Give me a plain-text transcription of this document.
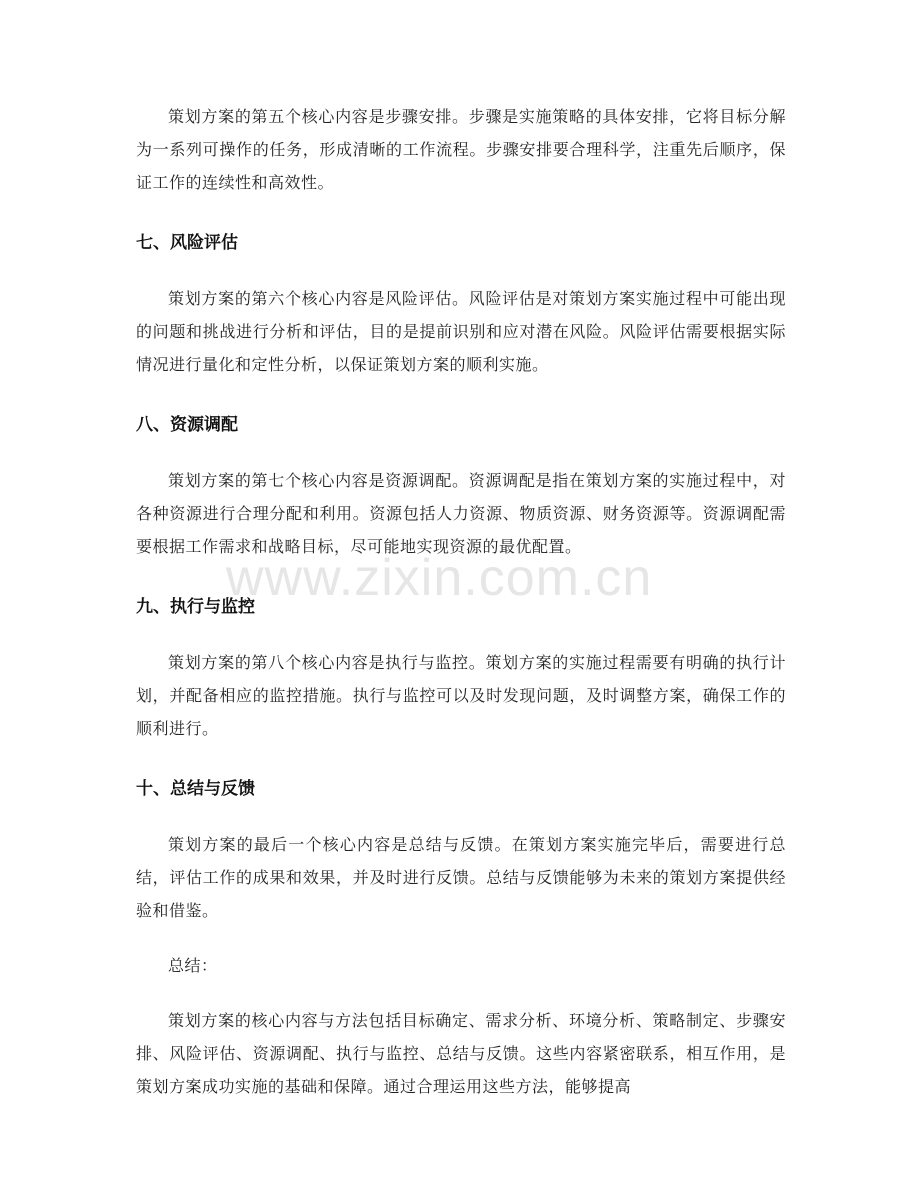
www.zixin.com.cn

策划方案的第五个核心内容是步骤安排。步骤是实施策略的具体安排，它将目标分解为一系列可操作的任务，形成清晰的工作流程。步骤安排要合理科学，注重先后顺序，保证工作的连续性和高效性。

七、风险评估

策划方案的第六个核心内容是风险评估。风险评估是对策划方案实施过程中可能出现的问题和挑战进行分析和评估，目的是提前识别和应对潜在风险。风险评估需要根据实际情况进行量化和定性分析，以保证策划方案的顺利实施。

八、资源调配

策划方案的第七个核心内容是资源调配。资源调配是指在策划方案的实施过程中，对各种资源进行合理分配和利用。资源包括人力资源、物质资源、财务资源等。资源调配需要根据工作需求和战略目标，尽可能地实现资源的最优配置。

九、执行与监控

策划方案的第八个核心内容是执行与监控。策划方案的实施过程需要有明确的执行计划，并配备相应的监控措施。执行与监控可以及时发现问题，及时调整方案，确保工作的顺利进行。

十、总结与反馈

策划方案的最后一个核心内容是总结与反馈。在策划方案实施完毕后，需要进行总结，评估工作的成果和效果，并及时进行反馈。总结与反馈能够为未来的策划方案提供经验和借鉴。

总结：

策划方案的核心内容与方法包括目标确定、需求分析、环境分析、策略制定、步骤安排、风险评估、资源调配、执行与监控、总结与反馈。这些内容紧密联系，相互作用，是策划方案成功实施的基础和保障。通过合理运用这些方法，能够提高
